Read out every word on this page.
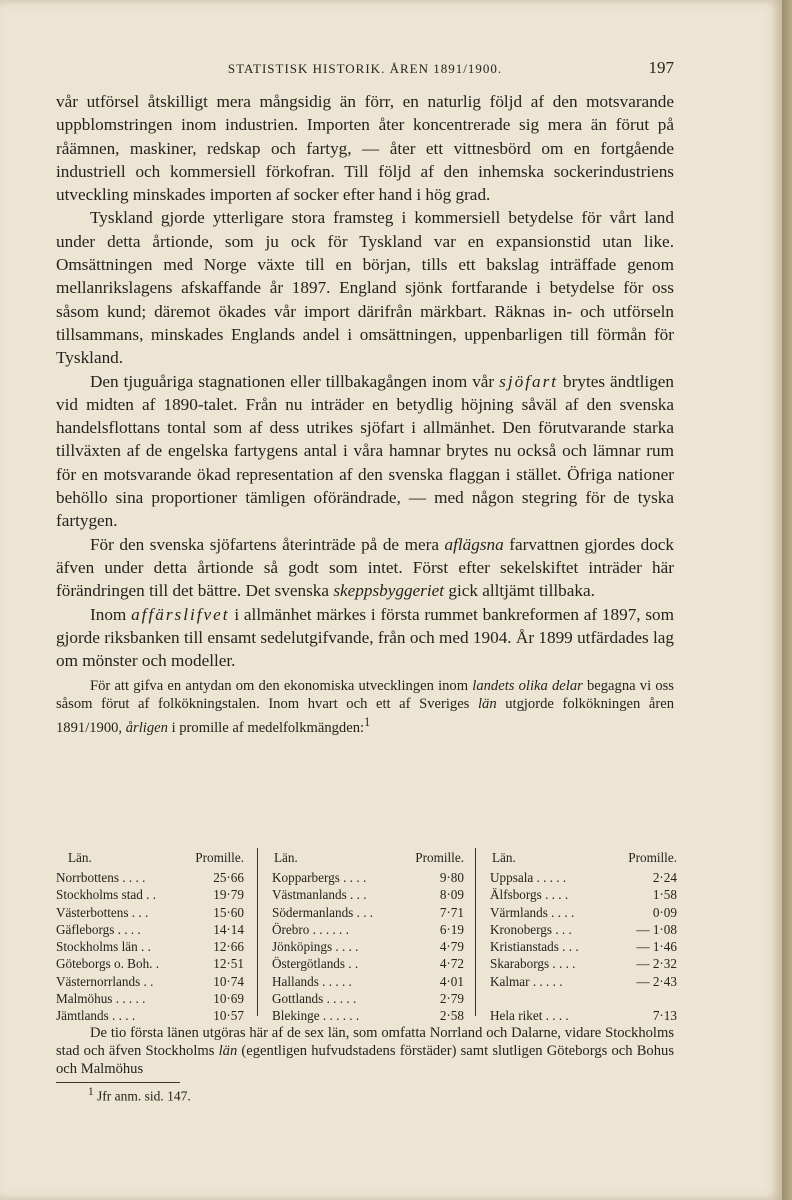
STATISTISK HISTORIK. ÅREN 1891/1900.	197

vår utförsel åtskilligt mera mångsidig än förr, en naturlig följd af den motsvarande uppblomstringen inom industrien. Importen åter koncentrerade sig mera än förut på råämnen, maskiner, redskap och fartyg, — åter ett vittnesbörd om en fortgående industriell och kommersiell förkofran. Till följd af den inhemska sockerindustriens utveckling minskades importen af socker efter hand i hög grad.

Tyskland gjorde ytterligare stora framsteg i kommersiell betydelse för vårt land under detta årtionde, som ju ock för Tyskland var en expansionstid utan like. Omsättningen med Norge växte till en början, tills ett bakslag inträffade genom mellanrikslagens afskaffande år 1897. England sjönk fortfarande i betydelse för oss såsom kund; däremot ökades vår import därifrån märkbart. Räknas in- och utförseln tillsammans, minskades Englands andel i omsättningen, uppenbarligen till förmån för Tyskland.

Den tjuguåriga stagnationen eller tillbakagången inom vår sjöfart brytes ändtligen vid midten af 1890-talet. Från nu inträder en betydlig höjning såväl af den svenska handelsflottans tontal som af dess utrikes sjöfart i allmänhet. Den förutvarande starka tillväxten af de engelska fartygens antal i våra hamnar brytes nu också och lämnar rum för en motsvarande ökad representation af den svenska flaggan i stället. Öfriga nationer behöllo sina proportioner tämligen oförändrade, — med någon stegring för de tyska fartygen.

För den svenska sjöfartens återinträde på de mera aflägsna farvattnen gjordes dock äfven under detta årtionde så godt som intet. Först efter sekelskiftet inträder här förändringen till det bättre. Det svenska skeppsbyggeriet gick alltjämt tillbaka.

Inom affärslifvet i allmänhet märkes i första rummet bankreformen af 1897, som gjorde riksbanken till ensamt sedelutgifvande, från och med 1904. År 1899 utfärdades lag om mönster och modeller.

För att gifva en antydan om den ekonomiska utvecklingen inom landets olika delar begagna vi oss såsom förut af folkökningstalen. Inom hvart och ett af Sveriges län utgjorde folkökningen åren 1891/1900, årligen i promille af medelfolkmängden:$^1$

Län.	Promille.
Norrbottens . . . .	25·66
Stockholms stad . .	19·79
Västerbottens . . .	15·60
Gäfleborgs . . . .	14·14
Stockholms län . .	12·66
Göteborgs o. Boh. .	12·51
Västernorrlands . .	10·74
Malmöhus . . . . .	10·69
Jämtlands . . . .	10·57
Län.	Promille.
Kopparbergs . . . .	9·80
Västmanlands . . .	8·09
Södermanlands . . .	7·71
Örebro . . . . . .	6·19
Jönköpings . . . .	4·79
Östergötlands . .	4·72
Hallands . . . . .	4·01
Gottlands . . . . .	2·79
Blekinge . . . . . .	2·58
Län.	Promille.
Uppsala . . . . .	2·24
Älfsborgs . . . .	1·58
Värmlands . . . .	0·09
Kronobergs . . .	— 1·08
Kristianstads . . .	— 1·46
Skaraborgs . . . .	— 2·32
Kalmar . . . . .	— 2·43
Hela riket . . . .	7·13

De tio första länen utgöras här af de sex län, som omfatta Norrland och Dalarne, vidare Stockholms stad och äfven Stockholms län (egentligen hufvudstadens förstäder) samt slutligen Göteborgs och Bohus och Malmöhus

$^1$ Jfr anm. sid. 147.
